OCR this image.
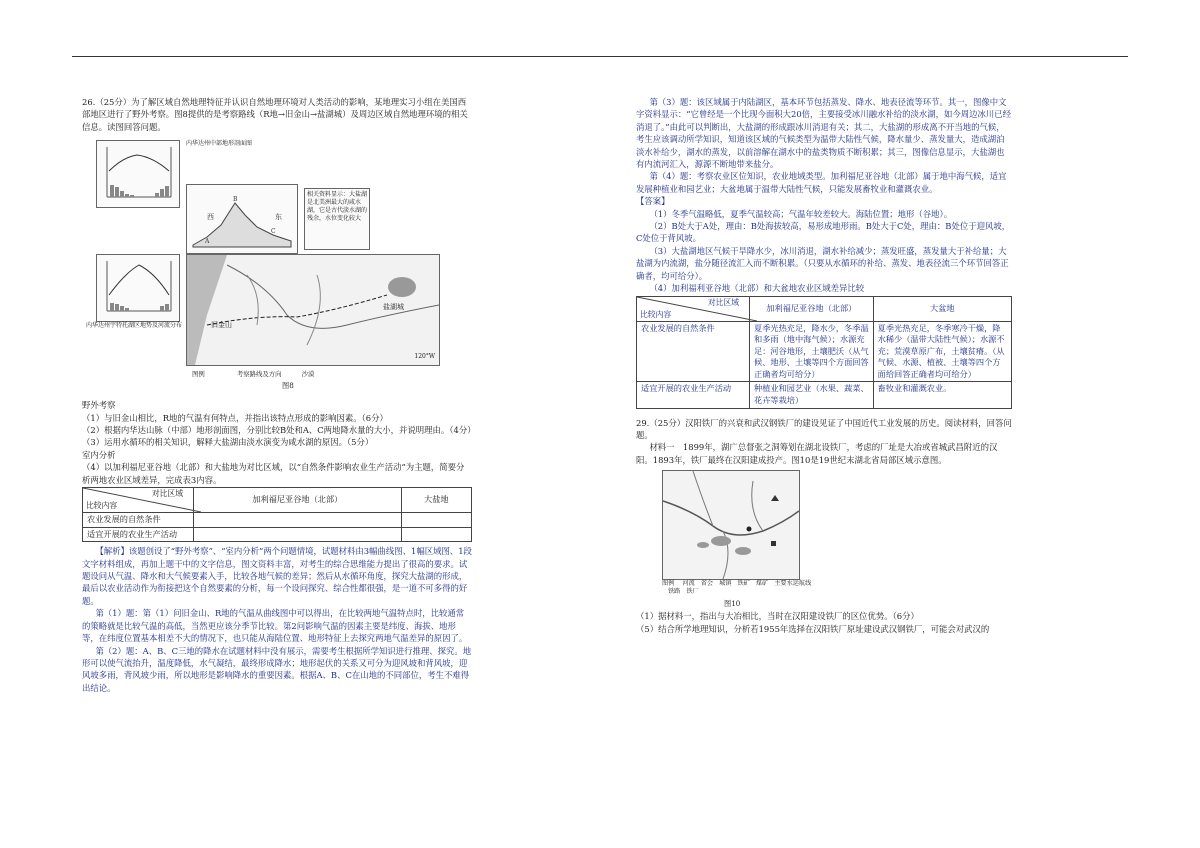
26.（25分）为了解区域自然地理特征并认识自然地理环境对人类活动的影响，某地理实习小组在美国西部地区进行了野外考察。图8提供的是考察路线（R地→旧金山→盐湖城）及周边区域自然地理环境的相关信息。读图回答问题。

西	东
A
B
C
相关资料显示：大盐湖是北美洲最大的咸水湖，它是古代淡水湖的残余，水位变化较大
旧金山
盐湖城
120°W
内华达州宇特托湖区地势及河流分布
内华达州中部地形剖面图
图例	考察路线及方向	沙漠
图8

野外考察

（1）与旧金山相比，R地的气温有何特点，并指出该特点形成的影响因素。（6分）

（2）根据内华达山脉（中部）地形剖面图，分别比较B处和A、C两地降水量的大小，并说明理由。（4分）

（3）运用水循环的相关知识，解释大盐湖由淡水演变为咸水湖的原因。（5分）

室内分析

（4）以加利福尼亚谷地（北部）和大盐地为对比区域，以“自然条件影响农业生产活动”为主题，简要分析两地农业区域差异，完成表3内容。

对比区域
比较内容	加利福尼亚谷地（北部）	大盐地
农业发展的自然条件		
适宜开展的农业生产活动		

【解析】该题创设了“野外考察”、“室内分析”两个问题情境，试题材料由3幅曲线图、1幅区域图、1段文字材料组成，再加上题干中的文字信息，图文资料丰富，对考生的综合思维能力提出了很高的要求。试题设问从气温、降水和大气候要素入手，比较各地气候的差异；然后从水循环角度，探究大盐湖的形成，最后以农业活动作为衔接把这个自然要素的分析，每一个设问探究、综合性都很强，是一道不可多得的好题。

第（1）题：第（1）问旧金山、R地的气温从曲线图中可以得出，在比较两地气温特点时，比较通常的策略就是比较气温的高低，当然更应该分季节比较。第2问影响气温的因素主要是纬度、海拔、地形等，在纬度位置基本相差不大的情况下，也只能从海陆位置、地形特征上去探究两地气温差异的原因了。

第（2）题：A、B、C三地的降水在试题材料中没有展示，需要考生根据所学知识进行推理、探究。地形可以使气流抬升，温度降低，水气凝结，最终形成降水；地形起伏的关系又可分为迎风坡和背风坡，迎风坡多雨，背风坡少雨，所以地形是影响降水的重要因素。根据A、B、C在山地的不同部位，考生不难得出结论。

第（3）题：该区域属于内陆湖区，基本环节包括蒸发、降水、地表径流等环节。其一，图像中文字资料显示：“它曾经是一个比现今面积大20倍，主要接受冰川融水补给的淡水湖，如今周边冰川已经消退了。”由此可以判断出，大盐湖的形成跟冰川消退有关；其二，大盐湖的形成离不开当地的气候，考生应该调动所学知识，知道该区域的气候类型为温带大陆性气候，降水量少、蒸发量大，造成湖泊淡水补给少，湖水的蒸发，以前溶解在湖水中的盐类物质不断积累；其三，图像信息显示，大盐湖也有内流河汇入，源源不断地带来盐分。

第（4）题：考察农业区位知识，农业地域类型。加利福尼亚谷地（北部）属于地中海气候，适宜发展种植业和园艺业；大盆地属于温带大陆性气候，只能发展畜牧业和灌溉农业。

【答案】

（1）冬季气温略低，夏季气温较高；气温年较差较大。海陆位置；地形（谷地）。

（2）B处大于A处，理由：B处海拔较高，易形成地形雨。B处大于C处，理由：B处位于迎风坡，C处位于背风坡。

（3）大盐湖地区气候干旱降水少，冰川消退，湖水补给减少；蒸发旺盛，蒸发量大于补给量；大盐湖为内流湖，盐分随径流汇入而不断积累。（只要从水循环的补给、蒸发、地表径流三个环节回答正确者，均可给分）。

（4）加利福利亚谷地（北部）和大盆地农业区域差异比较

对比区域
比较内容	加利福尼亚谷地（北部）	大盆地
农业发展的自然条件	夏季光热充足，降水少，冬季温和多雨（地中海气候）；水源充足：河谷地形，土壤肥沃（从气候、地形、土壤等四个方面回答正确者均可给分）	夏季光热充足，冬季寒冷干燥，降水稀少（温带大陆性气候）；水源不充；荒漠草原广布，土壤贫瘠。（从气候、水源、植被、土壤等四个方面给回答正确者均可给分）
适宜开展的农业生产活动	种植业和园艺业（水果、蔬菜、花卉等栽培）	畜牧业和灌溉农业。

29.（25分）汉阳铁厂的兴衰和武汉钢铁厂的建设见证了中国近代工业发展的历史。阅读材料，回答问题。

材料一　1899年，湖广总督张之洞筹划在湖北设铁厂，考虑的厂址是大冶或省城武昌附近的汉阳。1893年，铁厂最终在汉阳建成投产。图10是19世纪末湖北省局部区域示意图。

图例 河流 省会 城镇 铁矿 煤矿 主要水运航线铁路 铁厂
图10

（1）据材料一，指出与大冶相比，当时在汉阳建设铁厂的区位优势。（6分）

（5）结合所学地理知识，分析若1955年选择在汉阳铁厂原址建设武汉钢铁厂，可能会对武汉的
